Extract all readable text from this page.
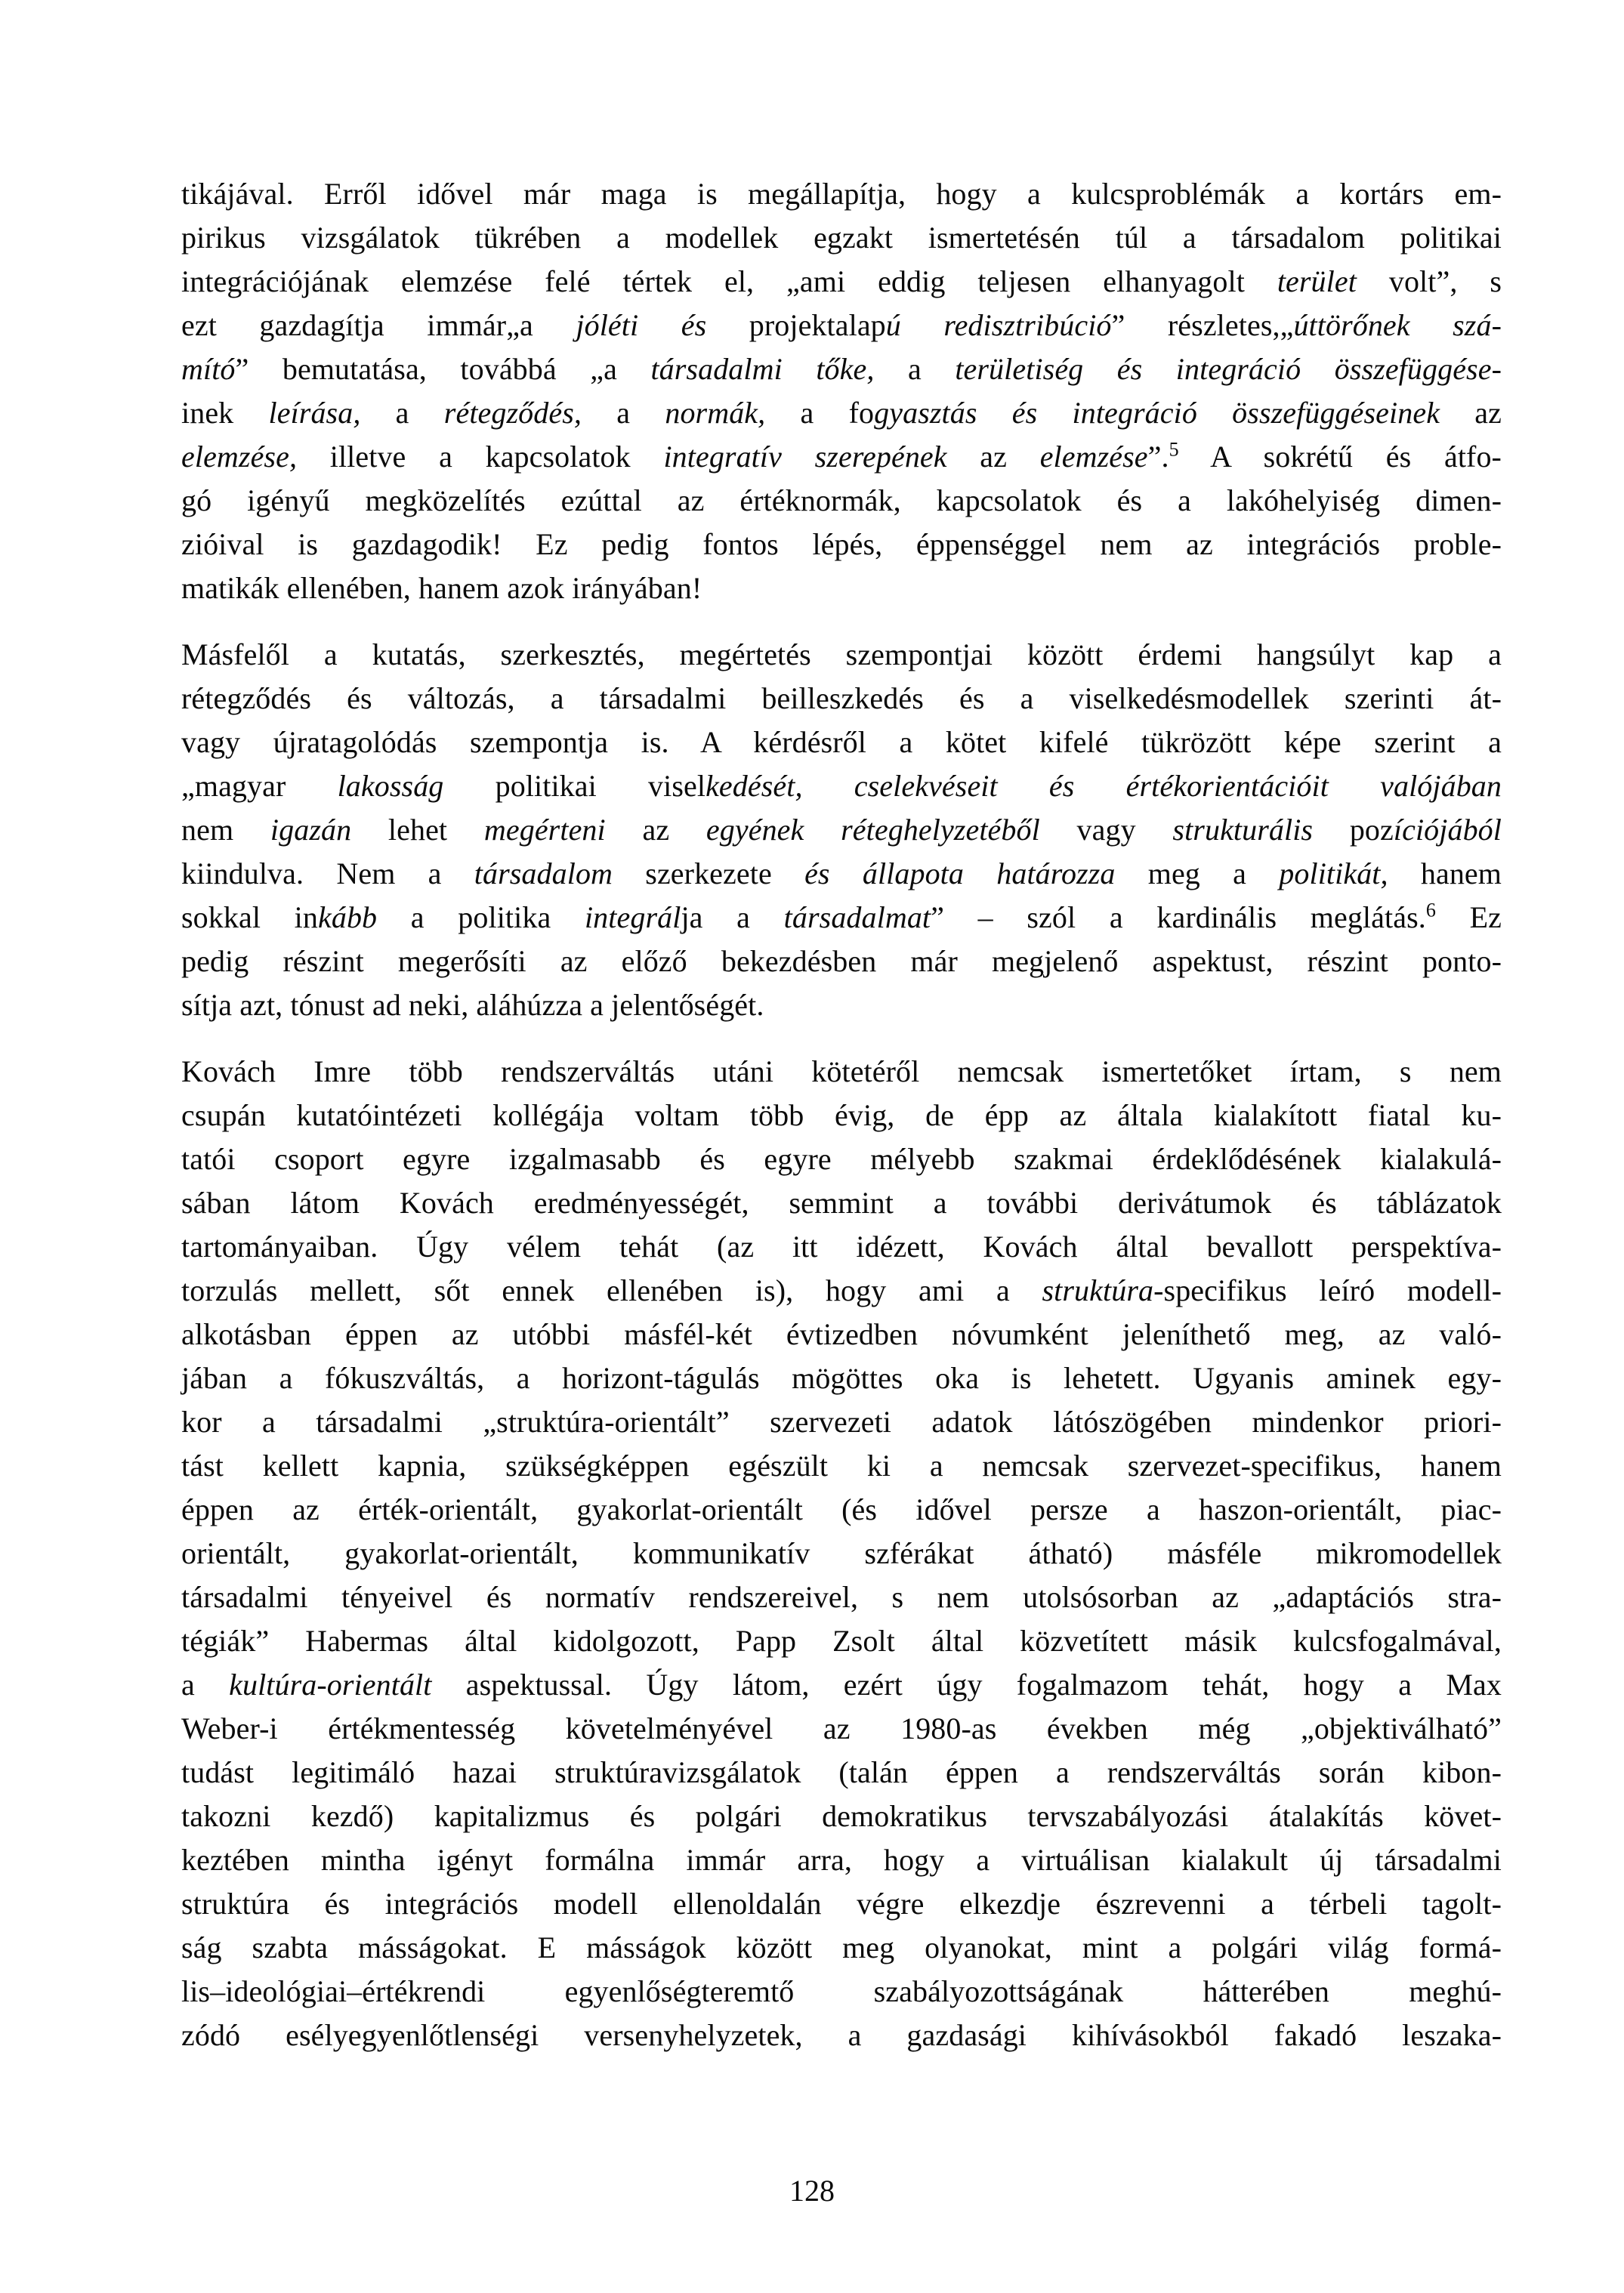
tikájával. Erről idővel már maga is megállapítja, hogy a kulcsproblémák a kortárs em-
pirikus vizsgálatok tükrében a modellek egzakt ismertetésén túl a társadalom politikai
integrációjának elemzése felé tértek el, „ami eddig teljesen elhanyagolt terület volt”, s
ezt gazdagítja immár„a jóléti és projektalapú redisztribúció” részletes,„úttörőnek szá-
mító” bemutatása, továbbá „a társadalmi tőke, a területiség és integráció összefüggése-
inek leírása, a rétegződés, a normák, a fogyasztás és integráció összefüggéseinek az
elemzése, illetve a kapcsolatok integratív szerepének az elemzése”.$^5$ A sokrétű és átfo-
gó igényű megközelítés ezúttal az értéknormák, kapcsolatok és a lakóhelyiség dimen-
zióival is gazdagodik! Ez pedig fontos lépés, éppenséggel nem az integrációs proble-
matikák ellenében, hanem azok irányában!

Másfelől a kutatás, szerkesztés, megértetés szempontjai között érdemi hangsúlyt kap a
rétegződés és változás, a társadalmi beilleszkedés és a viselkedésmodellek szerinti át-
vagy újratagolódás szempontja is. A kérdésről a kötet kifelé tükrözött képe szerint a
„magyar lakosság politikai viselkedését, cselekvéseit és értékorientációit valójában
nem igazán lehet megérteni az egyének réteghelyzetéből vagy strukturális pozíciójából
kiindulva. Nem a társadalom szerkezete és állapota határozza meg a politikát, hanem
sokkal inkább a politika integrálja a társadalmat” – szól a kardinális meglátás.$^6$ Ez
pedig részint megerősíti az előző bekezdésben már megjelenő aspektust, részint ponto-
sítja azt, tónust ad neki, aláhúzza a jelentőségét.

Kovách Imre több rendszerváltás utáni kötetéről nemcsak ismertetőket írtam, s nem
csupán kutatóintézeti kollégája voltam több évig, de épp az általa kialakított fiatal ku-
tatói csoport egyre izgalmasabb és egyre mélyebb szakmai érdeklődésének kialakulá-
sában látom Kovách eredményességét, semmint a további derivátumok és táblázatok
tartományaiban. Úgy vélem tehát (az itt idézett, Kovách által bevallott perspektíva-
torzulás mellett, sőt ennek ellenében is), hogy ami a struktúra-specifikus leíró modell-
alkotásban éppen az utóbbi másfél-két évtizedben nóvumként jeleníthető meg, az való-
jában a fókuszváltás, a horizont-tágulás mögöttes oka is lehetett. Ugyanis aminek egy-
kor a társadalmi „struktúra-orientált” szervezeti adatok látószögében mindenkor priori-
tást kellett kapnia, szükségképpen egészült ki a nemcsak szervezet-specifikus, hanem
éppen az érték-orientált, gyakorlat-orientált (és idővel persze a haszon-orientált, piac-
orientált, gyakorlat-orientált, kommunikatív szférákat átható) másféle mikromodellek
társadalmi tényeivel és normatív rendszereivel, s nem utolsósorban az „adaptációs stra-
tégiák” Habermas által kidolgozott, Papp Zsolt által közvetített másik kulcsfogalmával,
a kultúra-orientált aspektussal. Úgy látom, ezért úgy fogalmazom tehát, hogy a Max
Weber-i értékmentesség követelményével az 1980-as években még „objektiválható”
tudást legitimáló hazai struktúravizsgálatok (talán éppen a rendszerváltás során kibon-
takozni kezdő) kapitalizmus és polgári demokratikus tervszabályozási átalakítás követ-
keztében mintha igényt formálna immár arra, hogy a virtuálisan kialakult új társadalmi
struktúra és integrációs modell ellenoldalán végre elkezdje észrevenni a térbeli tagolt-
ság szabta másságokat. E másságok között meg olyanokat, mint a polgári világ formá-
lis–ideológiai–értékrendi egyenlőségteremtő szabályozottságának hátterében meghú-
zódó esélyegyenlőtlenségi versenyhelyzetek, a gazdasági kihívásokból fakadó leszaka-

128
